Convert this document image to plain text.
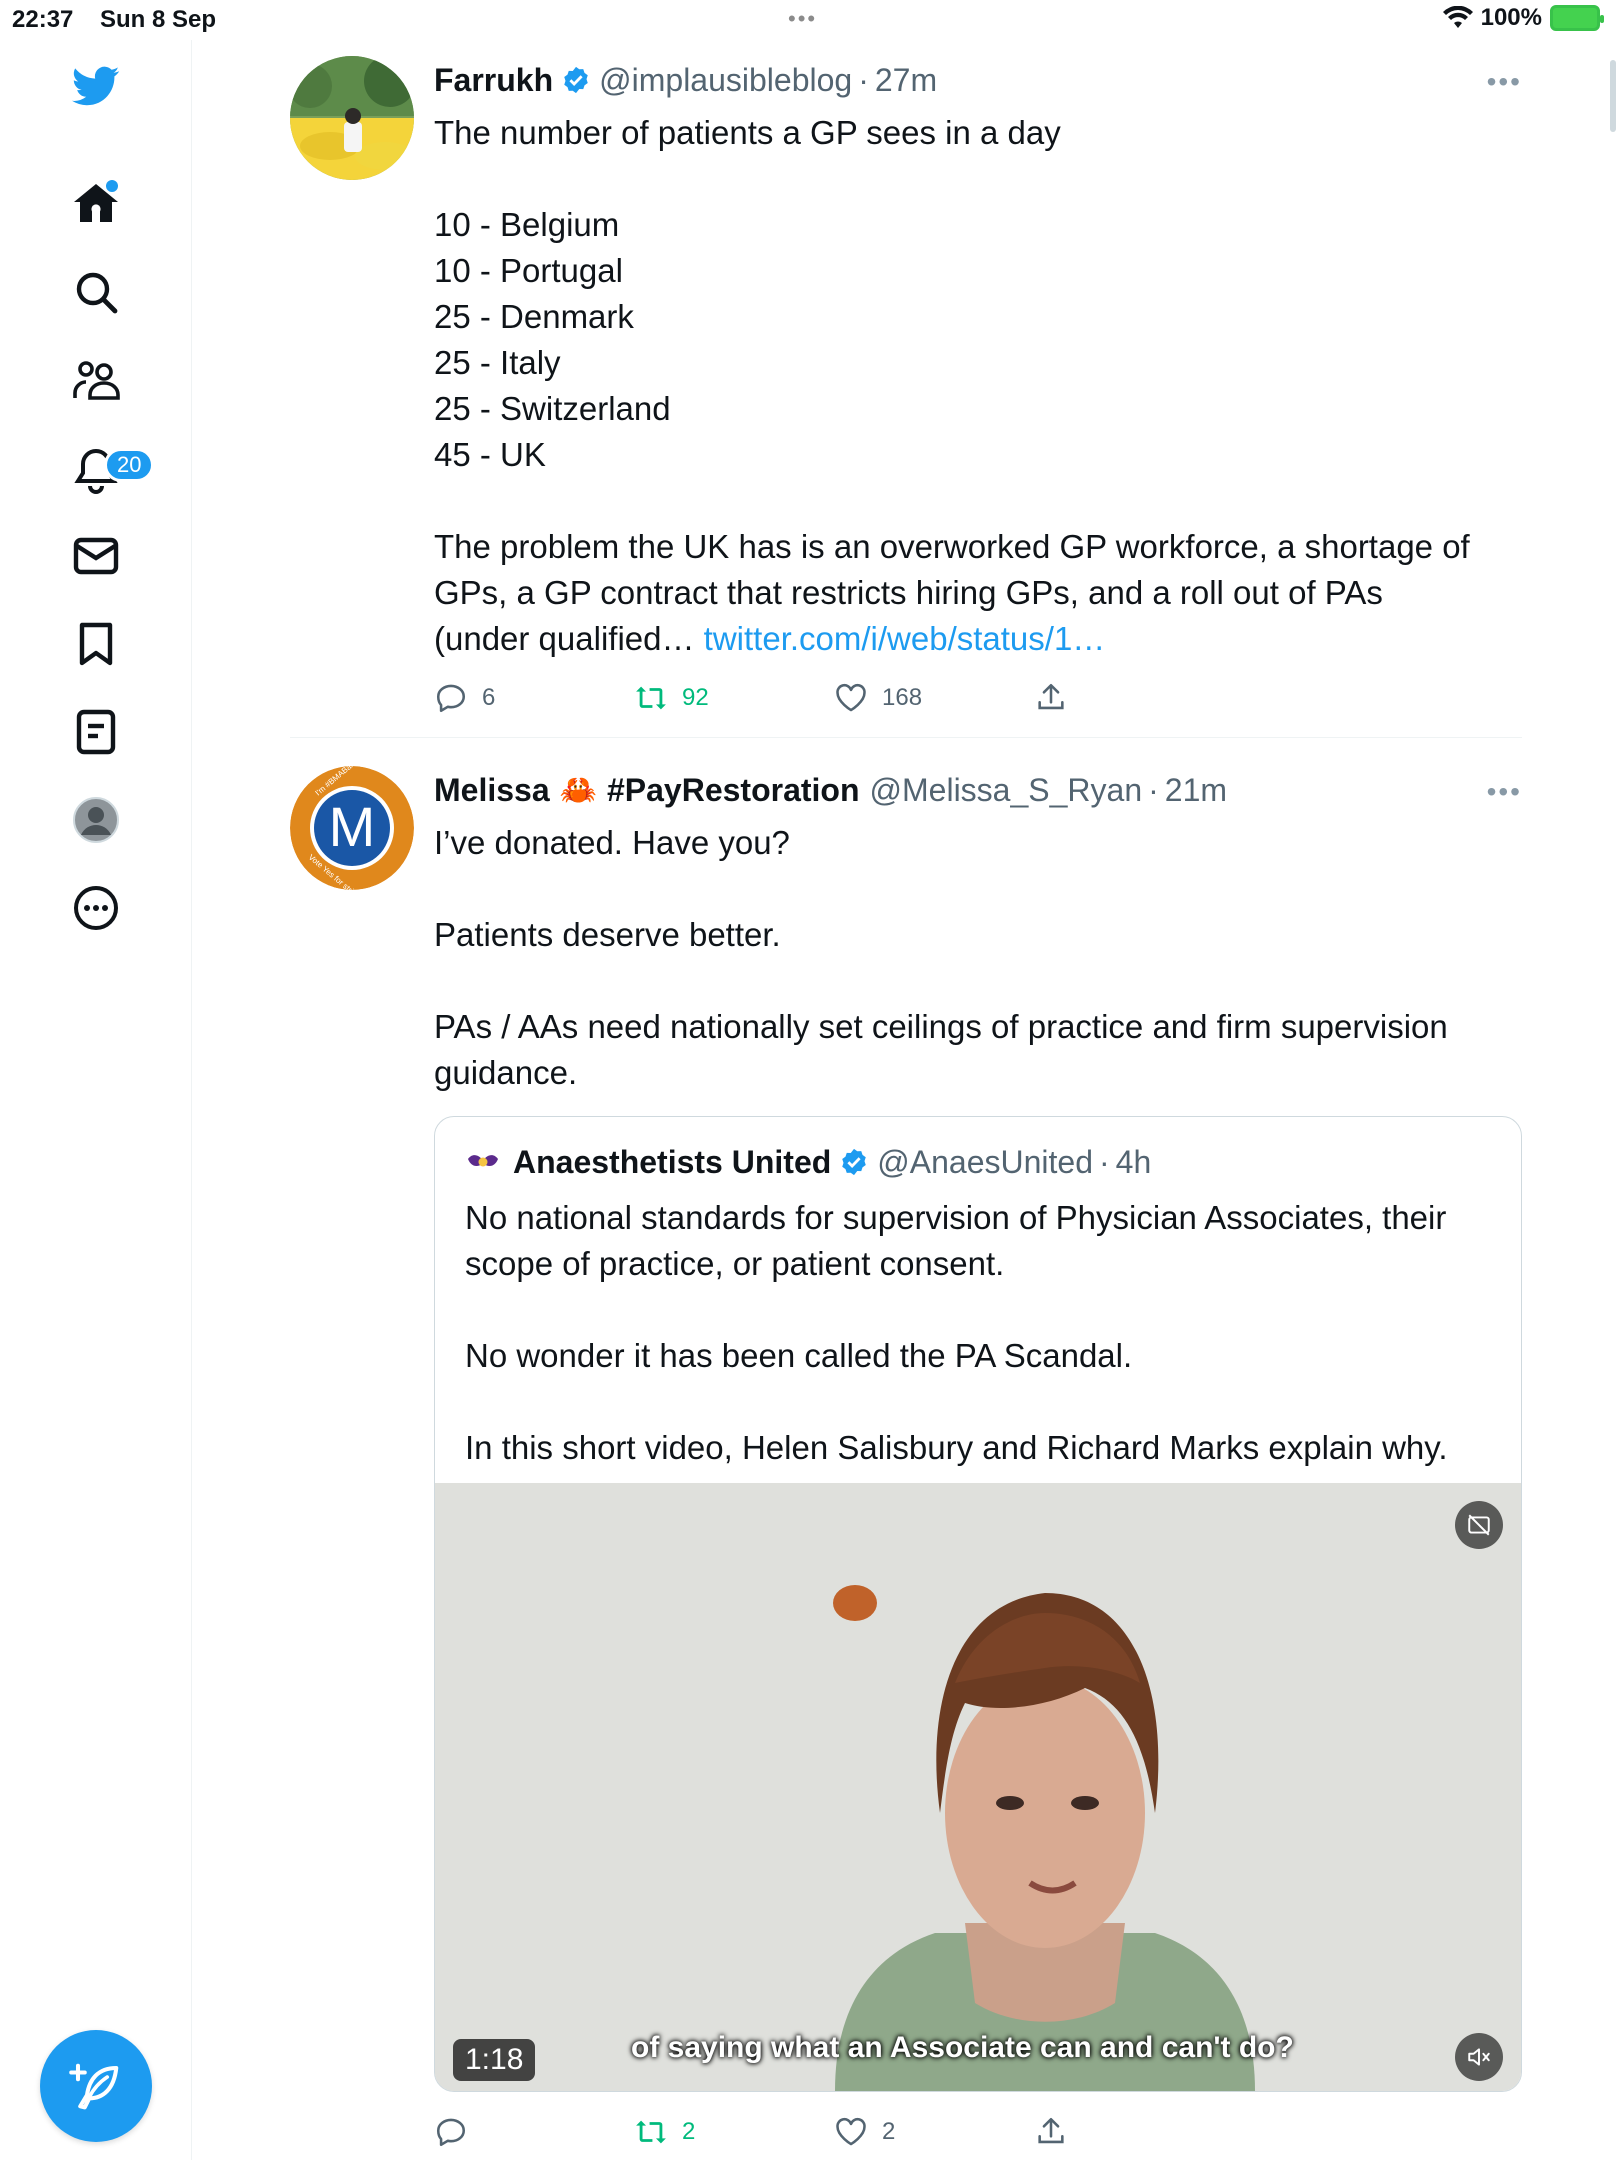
22:37 Sun 8 Sep	•••	100%
20
Farrukh @implausibleblog · 27m	•••
The number of patients a GP sees in a day
10 - Belgium
10 - Portugal
25 - Denmark
25 - Italy
25 - Switzerland
45 - UK
The problem the UK has is an overworked GP workforce, a shortage of
GPs, a GP contract that restricts hiring GPs, and a roll out of PAs
(under qualified… twitter.com/i/web/status/1…
6	92	168
M
Melissa 🦀 #PayRestoration @Melissa_S_Ryan · 21m	•••
I’ve donated. Have you?
Patients deserve better.
PAs / AAs need nationally set ceilings of practice and firm supervision
guidance.
Anaesthetists United @AnaesUnited · 4h
No national standards for supervision of Physician Associates, their
scope of practice, or patient consent.
No wonder it has been called the PA Scandal.
In this short video, Helen Salisbury and Richard Marks explain why.
1:18	of saying what an Associate can and can't do?
2	2
